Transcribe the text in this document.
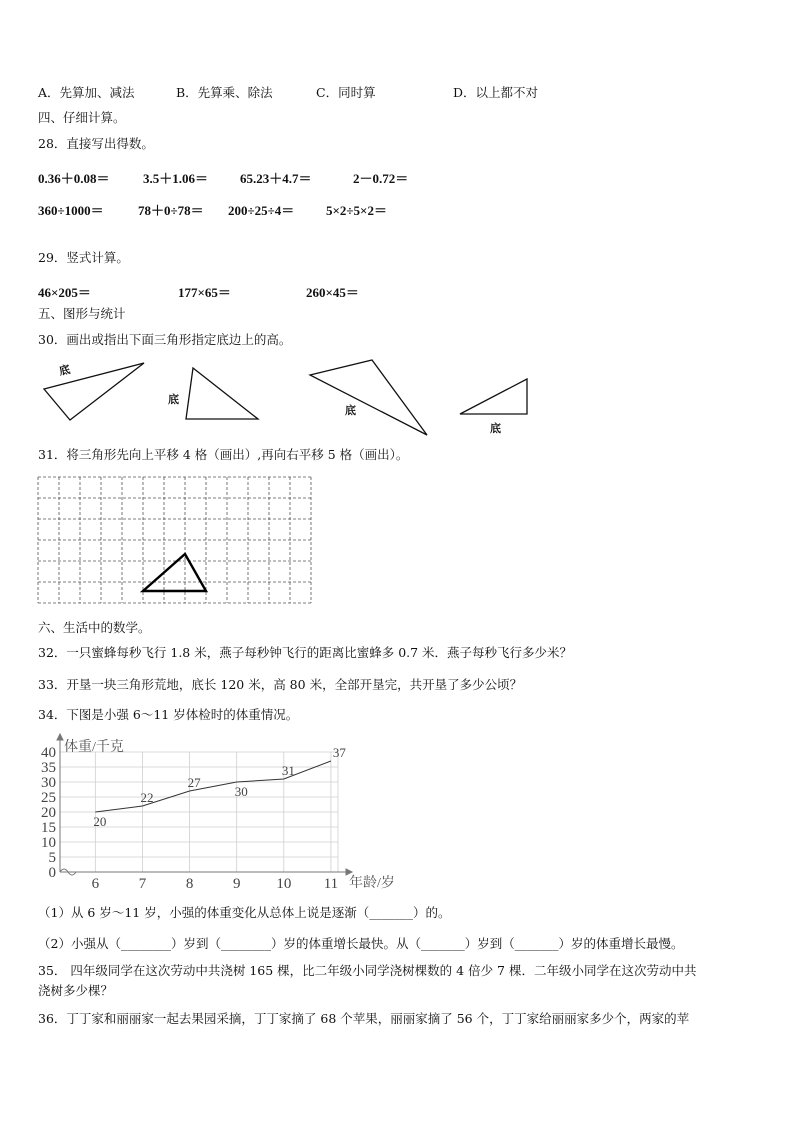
A．先算加、减法	B．先算乘、除法	C．同时算	D．以上都不对
四、仔细计算。
28．直接写出得数。
0.36＋0.08＝	3.5＋1.06＝ 65.23＋4.7＝	2－0.72＝
360÷1000＝	78＋0÷78＝ 200÷25÷4＝ 5×2÷5×2＝
29．竖式计算。
46×205＝	177×65＝	260×45＝
五、图形与统计
30．画出或指出下面三角形指定底边上的高。
底
底
底
底
31．将三角形先向上平移 4 格（画出）,再向右平移 5 格（画出）。
六、生活中的数学。
32．一只蜜蜂每秒飞行 1.8 米，燕子每秒钟飞行的距离比蜜蜂多 0.7 米．燕子每秒飞行多少米？
33．开垦一块三角形荒地，底长 120 米，高 80 米，全部开垦完，共开垦了多少公顷？
34．下图是小强 6～11 岁体检时的体重情况。
0
5
10
15
20
25
30
35
40
6	7	8	9 10 11
20
22
27
30
31
37
体重/千克
年龄/岁
（1）从 6 岁～11 岁，小强的体重变化从总体上说是逐渐（_______）的。
（2）小强从（________）岁到（________）岁的体重增长最快。从（_______）岁到（_______）岁的体重增长最慢。
35． 四年级同学在这次劳动中共浇树 165 棵，比二年级小同学浇树棵数的 4 倍少 7 棵．二年级小同学在这次劳动中共
浇树多少棵？
36．丁丁家和丽丽家一起去果园采摘，丁丁家摘了 68 个苹果，丽丽家摘了 56 个，丁丁家给丽丽家多少个，两家的苹
